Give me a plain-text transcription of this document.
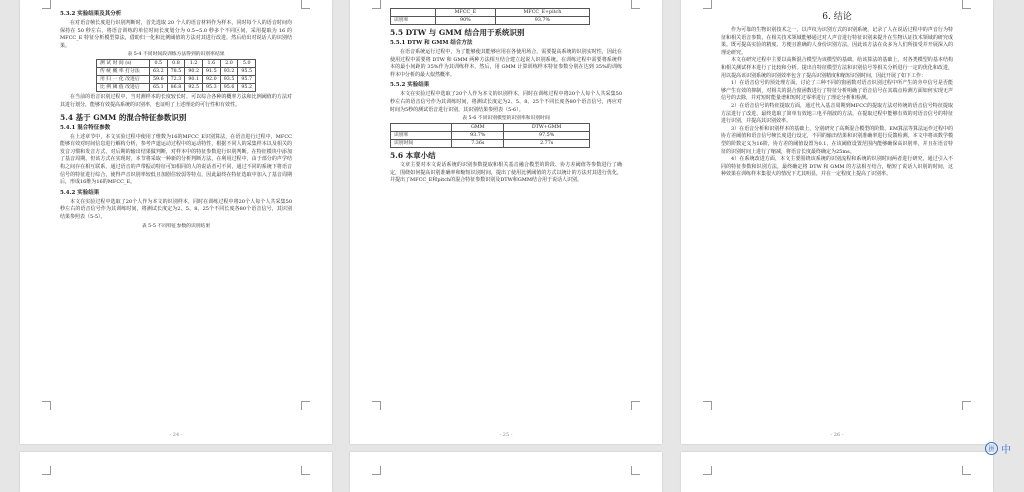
5.3.2 实验结果及其分析

在对语音帧长度进行识别判断时，首先选取 20 个人的语音材料作为样本，同时每个人的语音时间均保持在 50 秒左右，将语音训练的单位时间长度划分为 0.5~5.0 秒多个不同区间，采用提取为 16 的 MFCC_E 特征分析模型算法，借助归一化和比例阈值的方法对其进行改进，然后给出对说话人的识别结果。

表 5-4 不同时间段训练方法得到的识别率结果
测 试 时 间 (s)	0.5	0.8	1.2	1.6	2.0	5.0
传 统 概 率 打分法	63.2	78.5	90.2	91.5	93.2	95.5
用 归 一 化 改进后	59.6	72.3	90.1	92.0	93.5	95.7
比 例 阈 值 改进后	65.1	86.8	92.5	95.3	95.6	95.2

在当前的语音识别过程中，当对测样本的长度较长时，可以综合各种的概率方法和比例阈值的方法对其进行划分，能够有效提高系统的识别率，也证明了上述理论的可行性和有效性。

5.4 基于 GMM 的混合特征参数识别
5.4.1 混合特征参数

在上述章节中，本文实验过程中使用了维数为16的MFCC_E识别算法，在语音进行过程中，MFCC能够有效对时间信息进行解构分析，参考声道运动过程中的运动特性，根据不同人的采集样本以及相关的发音习惯和发音方式，对后期的输出结果做判断，对样本中的特征参数进行识别判断。在特征模块中添加了基音周期，但该方式在实现时，本节将采取一种新的分析判断方法，在利用过程中，由于部分的声学结构之间存在相互联系，通过语音的声带振动特征可知相同的人的说话者可不同，通过不同的系统下将语音信号的特征进行综合，使得声音识别率较低且加剧住较弱等特点，因此最终在特征选取中加入了基音周期后，形成16维为16的MFCC_E。

5.4.2 实验结果

本文在实验过程中选取了20个人作为本文的识别样本，同时在训练过程中将20个人每个人共采集50秒左右的语音信号作为其训练时间，将测试长度定为2、5、8、25个不同长度各80个语音信号，其识别结果参照表（5-5）。

表 5-5 不同特征参数的识别结果
- 24 -
	MFCC_E	MFCC_E+pitch
识别率	90%	93.7%
5.5 DTW 与 GMM 结合用于系统识别
5.5.1 DTW 和 GMM 结合方法

在语音系统运行过程中，为了能够使其能够应用在各使用场合，需要提高系统的识别实时性，因此在使用过程中需要将 DTW 和 GMM 两种方法相互结合建立起说人识别系统。在训练过程中需要将系统样本的最小间距的 35%作为其训练样本，然后，用 GMM 计算训练样本特征参数分别在达到 35%的训练样本中分析的最大似然概率。

5.5.2 实验结果

本文在实验过程中选取了20个人作为本文的识别样本，同时在训练过程中将20个人每个人共采集50秒左右的语音信号作为其训练时间，将测试长度定为2、5、8、25个不同长度各80个语音信号，再应对时间为5秒的测试语音进行识别，其识别结果参照表（5-6）。

表 5-6 不同识别模型的识别率和识别时间
	GMM	DTW+GMM
识别率	93.7%	97.5%
识别时间	7.36s	2.77s
5.6 本章小结

文章主要对本文说话系统的识别参数提取和相关基音融合模型的阶段、协方差阈值等参数进行了确定，围绕如何提高识别准确率和缩短识别时间，提出了使用比例阈值的方式以统计的方法对其进行优化，并提出了MFCC_E和pitch的混合特征参数识别及DTW和GMM结合用于说话人识别。

- 25 -
6. 结论

作为可靠的生物识别技术之一，以声纹为识别方式的识别系统，记录了人在说话过程中的声音行为特征和相关语音参数，在相关技术领域能够通过对人声音进行特征识别来提升在生物认证技术领域的研究成果。既可提高实验的精度、方便且准确的人身份识别方法，因此该方法在众多为人们所接受并开展深入的理论研究。

本文在研究过程中主要以高斯混合模型为该模型的基础，给该算法的基础上，对各类模型的基本结构和相关测试样本进行了比较和分析。提出自特征模型方法和识别信号等相关分析进行一定的优化和改进，用以提高该识别系统的识别效率包含了提高识别精度和缩短识别时间，因此开展了如下工作：

1）在语音信号的预处理方面，讨论了三种不同的窗函数对语音识别过程中所产生的旁中信号是否能够产生有效的抑制，对相关的混合窗函数进行了特征分析明确了语音信号在其端点检测方面如何实现无声信号的去除，并对短时能量谱和短时过零率进行了理论分析和检测。

2）在语音信号的特征提取方面，通过代入基音周期到MFCC的提取方法对传统的语音信号特征提取方法进行了改进，最终选取了简单有效地三电平削波的方法，在提取过程中能够有效的对语音信号的特征进行识别，并提高其识别效率。

3）在语音分析和识别样本的基础上，分别研究了高斯混合模型的阶数、EM算法等算法运作过程中的协方差阈值和语音信号帧长度进行设定，不同的输出结果和识别准确率进行反馈检测。本文中将该数学模型的阶数定义为16阶，协方差的阈值设置为0.1，在该阈值设置范围内能够确保高识别率，并且在语音特征的识别时间上进行了缩减，将语音长度最终确定为25ms。

4）在系统改进方面，本文主要围绕该系统的识别流程和系统的识别时间两者进行研究，通过引入不同的特征参数和识别方法，最终确定将 DTW 和 GMM 的方法相互结合，缩短了说话人识别的时间，这种效果在训练样本集很大的情况下尤其明显，并在一定程度上提高了识别率。

- 26 -
拼 中
